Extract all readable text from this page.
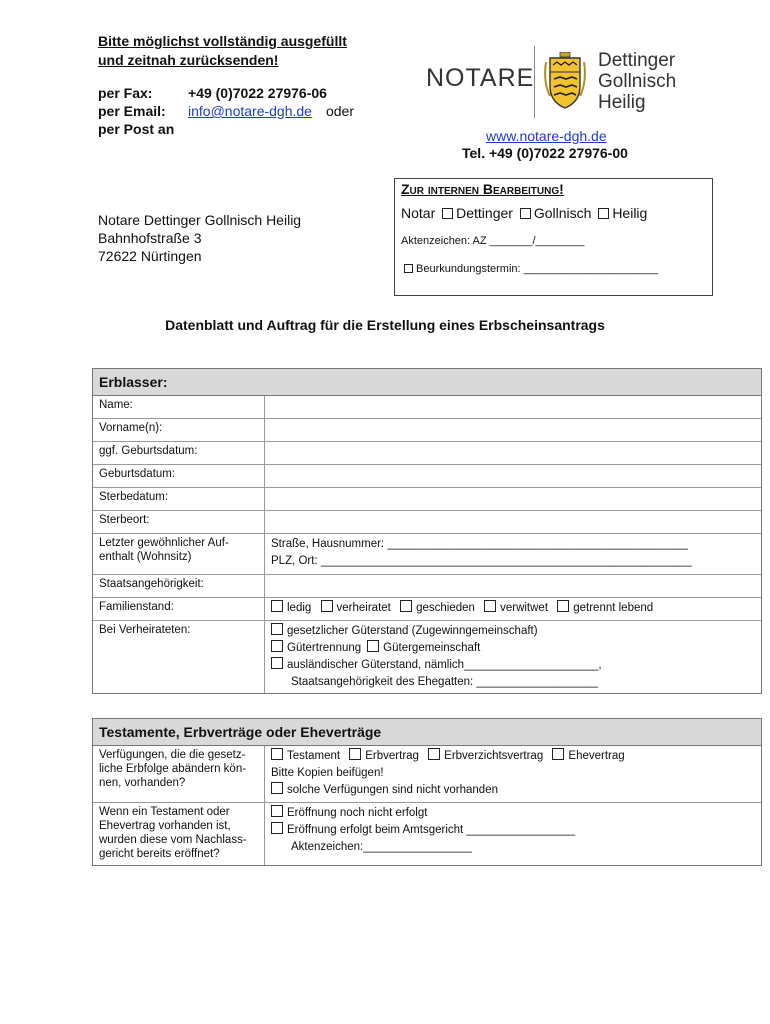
Bitte möglichst vollständig ausgefüllt
und zeitnah zurücksenden!
per Fax:	+49 (0)7022 27976-06
per Email:	info@notare-dgh.de oder
per Post an
NOTARE
Dettinger
Gollnisch
Heilig
www.notare-dgh.de
Tel. +49 (0)7022 27976-00
Notare Dettinger Gollnisch Heilig
Bahnhofstraße 3
72622 Nürtingen
Zur internen Bearbeitung!
Notar Dettinger Gollnisch Heilig
Aktenzeichen: AZ _______/________
Beurkundungstermin: ______________________
Datenblatt und Auftrag für die Erstellung eines Erbscheinsantrags
Erblasser:
Name:
Vorname(n):
ggf. Geburtsdatum:
Geburtsdatum:
Sterbedatum:
Sterbeort:
Letzter gewöhnlicher Auf-
enthalt (Wohnsitz)
Straße, Hausnummer: _______________________________________________
PLZ, Ort: __________________________________________________________
Staatsangehörigkeit:
Familienstand:	ledig verheiratet geschieden verwitwet getrennt lebend
Bei Verheirateten:	gesetzlicher Güterstand (Zugewinngemeinschaft)
Gütertrennung Gütergemeinschaft
ausländischer Güterstand, nämlich_____________________,
Staatsangehörigkeit des Ehegatten: ___________________
Testamente, Erbverträge oder Eheverträge
Verfügungen, die die gesetz-
liche Erbfolge abändern kön-
nen, vorhanden?
Testament Erbvertrag Erbverzichtsvertrag Ehevertrag
Bitte Kopien beifügen!
solche Verfügungen sind nicht vorhanden
Wenn ein Testament oder
Ehevertrag vorhanden ist,
wurden diese vom Nachlass-
gericht bereits eröffnet?
Eröffnung noch nicht erfolgt
Eröffnung erfolgt beim Amtsgericht _________________
Aktenzeichen:_________________
